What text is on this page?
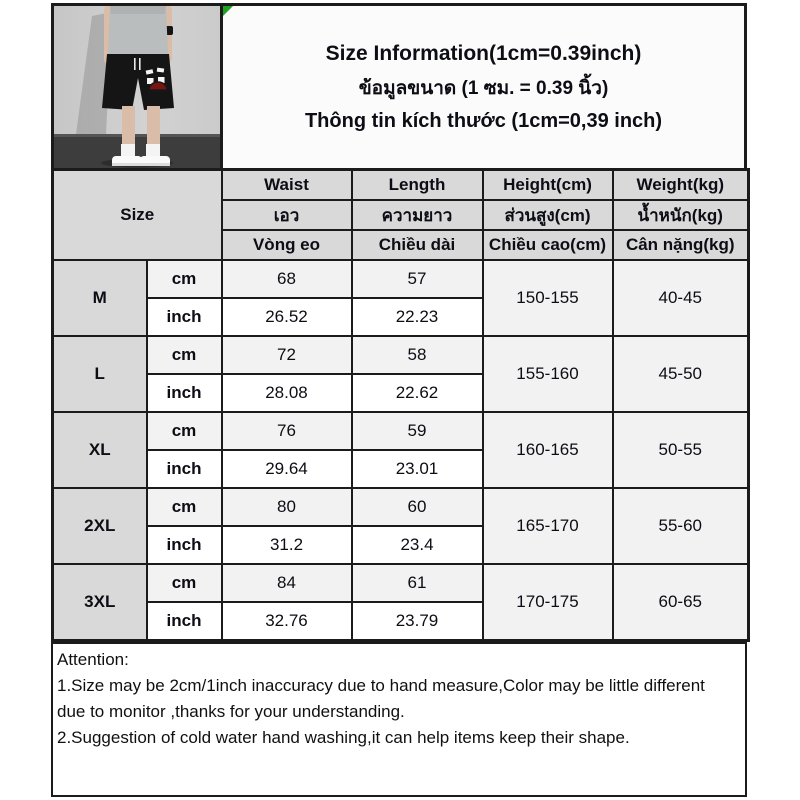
Size Information(1cm=0.39inch)
ข้อมูลขนาด (1 ซม. = 0.39 นิ้ว)
Thông tin kích thước (1cm=0,39 inch)
Size		Waist	Length	Height(cm)	Weight(kg)
		เอว	ความยาว	ส่วนสูง(cm)	น้ำหนัก(kg)
		Vòng eo	Chiều dài	Chiều cao(cm)	Cân nặng(kg)
M	cm	68	57	150-155	40-45
	inch	26.52	22.23		
L	cm	72	58	155-160	45-50
	inch	28.08	22.62		
XL	cm	76	59	160-165	50-55
	inch	29.64	23.01		
2XL	cm	80	60	165-170	55-60
	inch	31.2	23.4		
3XL	cm	84	61	170-175	60-65
	inch	32.76	23.79		
Attention:
1.Size may be 2cm/1inch inaccuracy due to hand measure,Color may be little different
due to monitor ,thanks for your understanding.
2.Suggestion of cold water hand washing,it can help items keep their shape.
